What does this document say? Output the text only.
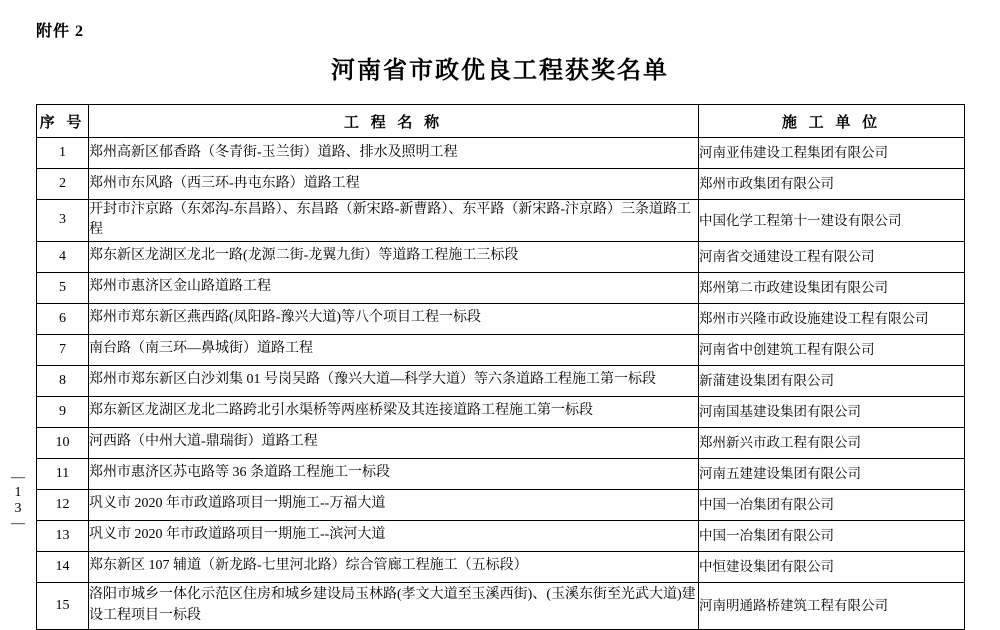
附件 2
河南省市政优良工程获奖名单
—
1
3
—
序 号	工 程 名 称	施 工 单 位
1	郑州高新区郁香路（冬青街-玉兰街）道路、排水及照明工程	河南亚伟建设工程集团有限公司
2	郑州市东风路（西三环-冉屯东路）道路工程	郑州市政集团有限公司
3	开封市汴京路（东郊沟-东昌路）、东昌路（新宋路-新曹路）、东平路（新宋路-汴京路）三条道路工程	中国化学工程第十一建设有限公司
4	郑东新区龙湖区龙北一路(龙源二街-龙翼九街）等道路工程施工三标段	河南省交通建设工程有限公司
5	郑州市惠济区金山路道路工程	郑州第二市政建设集团有限公司
6	郑州市郑东新区燕西路(凤阳路-豫兴大道)等八个项目工程一标段	郑州市兴隆市政设施建设工程有限公司
7	南台路（南三环—鼻城街）道路工程	河南省中创建筑工程有限公司
8	郑州市郑东新区白沙刘集 01 号岗吴路（豫兴大道—科学大道）等六条道路工程施工第一标段	新蒲建设集团有限公司
9	郑东新区龙湖区龙北二路跨北引水渠桥等两座桥梁及其连接道路工程施工第一标段	河南国基建设集团有限公司
10	河西路（中州大道-鼎瑞街）道路工程	郑州新兴市政工程有限公司
11	郑州市惠济区苏屯路等 36 条道路工程施工一标段	河南五建建设集团有限公司
12	巩义市 2020 年市政道路项目一期施工--万福大道	中国一冶集团有限公司
13	巩义市 2020 年市政道路项目一期施工--滨河大道	中国一冶集团有限公司
14	郑东新区 107 辅道（新龙路-七里河北路）综合管廊工程施工（五标段）	中恒建设集团有限公司
15	洛阳市城乡一体化示范区住房和城乡建设局玉林路(孝文大道至玉溪西街)、(玉溪东街至光武大道)建设工程项目一标段	河南明通路桥建筑工程有限公司
